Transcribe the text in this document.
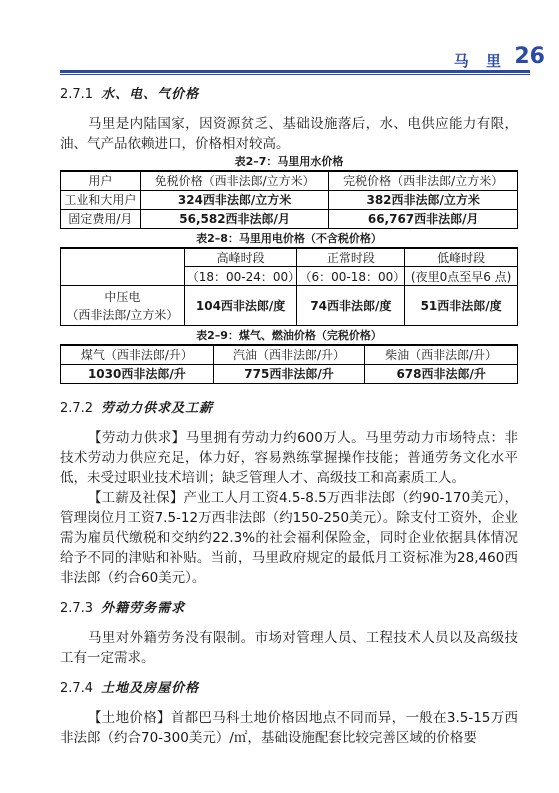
马 里 26
2.7.1 水、电、气价格

马里是内陆国家，因资源贫乏、基础设施落后，水、电供应能力有限，油、气产品依赖进口，价格相对较高。

表2–7：马里用水价格
用户	免税价格（西非法郎/立方米）	完税价格（西非法郎/立方米）
工业和大用户	324西非法郎/立方米	382西非法郎/立方米
固定费用/月	56,582西非法郎/月	66,767西非法郎/月
表2–8：马里用电价格（不含税价格）
	高峰时段	正常时段	低峰时段
	（18：00-24：00）	（6：00-18：00）	(夜里0点至早6 点)

中压电
（西非法郎/立方米）	104西非法郎/度	74西非法郎/度	51西非法郎/度
表2–9：煤气、燃油价格（完税价格）
煤气（西非法郎/升）	汽油（西非法郎/升）	柴油（西非法郎/升）
1030西非法郎/升	775西非法郎/升	678西非法郎/升
2.7.2 劳动力供求及工薪

【劳动力供求】马里拥有劳动力约600万人。马里劳动力市场特点：非技术劳动力供应充足，体力好，容易熟练掌握操作技能；普通劳务文化水平低，未受过职业技术培训；缺乏管理人才、高级技工和高素质工人。

【工薪及社保】产业工人月工资4.5-8.5万西非法郎（约90-170美元），管理岗位月工资7.5-12万西非法郎（约150-250美元）。除支付工资外，企业需为雇员代缴税和交纳约22.3%的社会福利保险金，同时企业依据具体情况给予不同的津贴和补贴。当前，马里政府规定的最低月工资标准为28,460西非法郎（约合60美元）。

2.7.3 外籍劳务需求

马里对外籍劳务没有限制。市场对管理人员、工程技术人员以及高级技工有一定需求。

2.7.4 土地及房屋价格

【土地价格】首都巴马科土地价格因地点不同而异，一般在3.5-15万西非法郎（约合70-300美元）/㎡，基础设施配套比较完善区域的价格要
